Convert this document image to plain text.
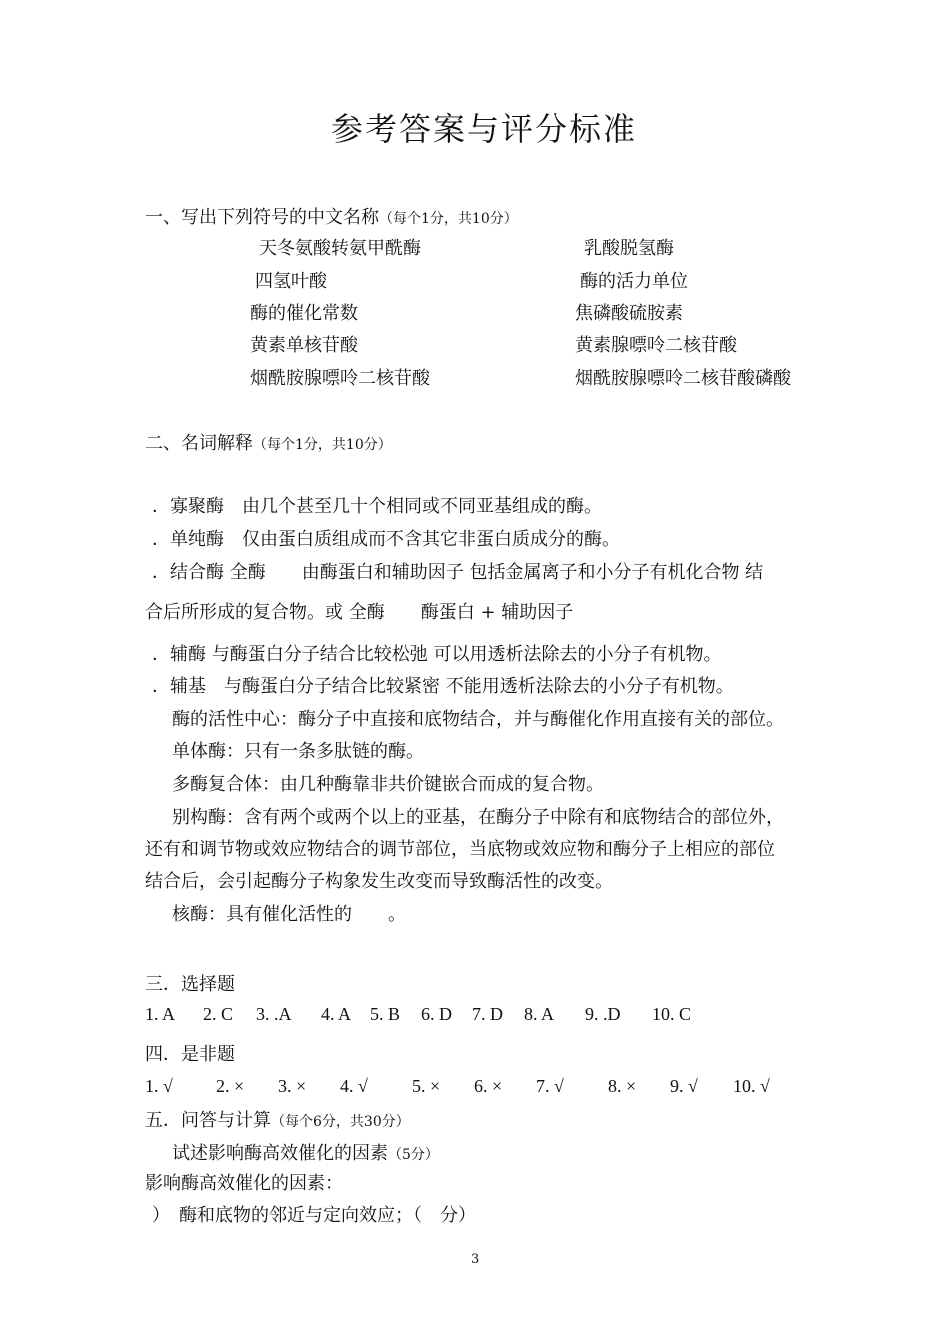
参考答案与评分标准
一、写出下列符号的中文名称（每个1分，共10分）
天冬氨酸转氨甲酰酶	乳酸脱氢酶
四氢叶酸	酶的活力单位
酶的催化常数	焦磷酸硫胺素
黄素单核苷酸	黄素腺嘌呤二核苷酸
烟酰胺腺嘌呤二核苷酸	烟酰胺腺嘌呤二核苷酸磷酸
二、名词解释（每个1分，共10分）
．寡聚酶　由几个甚至几十个相同或不同亚基组成的酶。
．单纯酶　仅由蛋白质组成而不含其它非蛋白质成分的酶。
．结合酶 全酶　　由酶蛋白和辅助因子 包括金属离子和小分子有机化合物 结
合后所形成的复合物。或 全酶　　酶蛋白 + 辅助因子
．辅酶 与酶蛋白分子结合比较松弛 可以用透析法除去的小分子有机物。
．辅基　与酶蛋白分子结合比较紧密 不能用透析法除去的小分子有机物。
酶的活性中心：酶分子中直接和底物结合，并与酶催化作用直接有关的部位。
单体酶：只有一条多肽链的酶。
多酶复合体：由几种酶靠非共价键嵌合而成的复合物。
别构酶：含有两个或两个以上的亚基，在酶分子中除有和底物结合的部位外，
还有和调节物或效应物结合的调节部位，当底物或效应物和酶分子上相应的部位
结合后，会引起酶分子构象发生改变而导致酶活性的改变。
核酶：具有催化活性的　　。
三．选择题
1. A 2. C 3. .A 4. A 5. B 6. D 7. D 8. A 9. .D 10. C
四．是非题
1. √ 2. × 3. × 4. √ 5. × 6. × 7. √ 8. × 9. √ 10. √
五．问答与计算（每个6分，共30分）
试述影响酶高效催化的因素（5分）
影响酶高效催化的因素：
）　酶和底物的邻近与定向效应；（　分）
3
